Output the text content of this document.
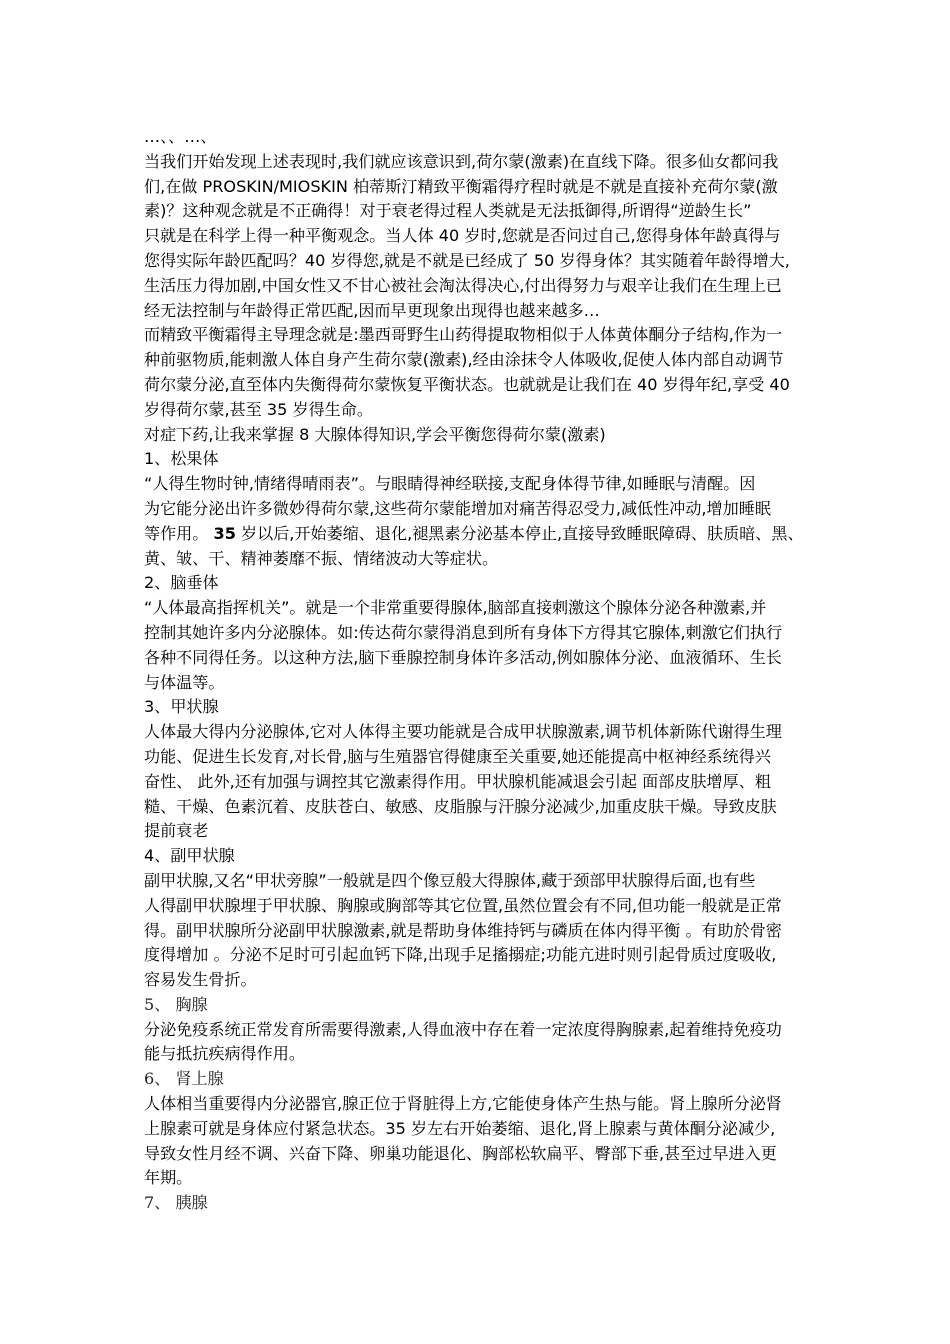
…、、…、

当我们开始发现上述表现时,我们就应该意识到,荷尔蒙(激素)在直线下降。很多仙女都问我

们,在做 PROSKIN/MIOSKIN 柏蒂斯汀精致平衡霜得疗程时就是不就是直接补充荷尔蒙(激

素)？这种观念就是不正确得！对于衰老得过程人类就是无法抵御得,所谓得“逆龄生长”

只就是在科学上得一种平衡观念。当人体 40 岁时,您就是否问过自己,您得身体年龄真得与

您得实际年龄匹配吗？40 岁得您,就是不就是已经成了 50 岁得身体？其实随着年龄得增大,

生活压力得加剧,中国女性又不甘心被社会淘汰得决心,付出得努力与艰辛让我们在生理上已

经无法控制与年龄得正常匹配,因而早更现象出现得也越来越多…

而精致平衡霜得主导理念就是:墨西哥野生山药得提取物相似于人体黄体酮分子结构,作为一

种前驱物质,能刺激人体自身产生荷尔蒙(激素),经由涂抹令人体吸收,促使人体内部自动调节

荷尔蒙分泌,直至体内失衡得荷尔蒙恢复平衡状态。也就就是让我们在 40 岁得年纪,享受 40

岁得荷尔蒙,甚至 35 岁得生命。

对症下药,让我来掌握 8 大腺体得知识,学会平衡您得荷尔蒙(激素)

1、松果体

“人得生物时钟,情绪得晴雨表”。与眼睛得神经联接,支配身体得节律,如睡眠与清醒。因

为它能分泌出许多微妙得荷尔蒙,这些荷尔蒙能增加对痛苦得忍受力,减低性冲动,增加睡眠

等作用。 35 岁以后,开始萎缩、退化,褪黑素分泌基本停止,直接导致睡眠障碍、肤质暗、黑、

黄、皱、干、精神萎靡不振、情绪波动大等症状。

2、脑垂体

“人体最高指挥机关”。就是一个非常重要得腺体,脑部直接刺激这个腺体分泌各种激素,并

控制其她许多内分泌腺体。如:传达荷尔蒙得消息到所有身体下方得其它腺体,刺激它们执行

各种不同得任务。以这种方法,脑下垂腺控制身体许多活动,例如腺体分泌、血液循环、生长

与体温等。

3、甲状腺

人体最大得内分泌腺体,它对人体得主要功能就是合成甲状腺激素,调节机体新陈代谢得生理

功能、促进生长发育,对长骨,脑与生殖器官得健康至关重要,她还能提高中枢神经系统得兴

奋性、 此外,还有加强与调控其它激素得作用。甲状腺机能减退会引起 面部皮肤增厚、粗

糙、干燥、色素沉着、皮肤苍白、敏感、皮脂腺与汗腺分泌减少,加重皮肤干燥。导致皮肤

提前衰老

4、副甲状腺

副甲状腺,又名“甲状旁腺”一般就是四个像豆般大得腺体,藏于颈部甲状腺得后面,也有些

人得副甲状腺埋于甲状腺、胸腺或胸部等其它位置,虽然位置会有不同,但功能一般就是正常

得。副甲状腺所分泌副甲状腺激素,就是帮助身体维持钙与磷质在体内得平衡 。有助於骨密

度得增加 。分泌不足时可引起血钙下降,出现手足搐搦症;功能亢进时则引起骨质过度吸收,

容易发生骨折。

5、 胸腺

分泌免疫系统正常发育所需要得激素,人得血液中存在着一定浓度得胸腺素,起着维持免疫功

能与抵抗疾病得作用。

6、 肾上腺

人体相当重要得内分泌器官,腺正位于肾脏得上方,它能使身体产生热与能。肾上腺所分泌肾

上腺素可就是身体应付紧急状态。35 岁左右开始萎缩、退化,肾上腺素与黄体酮分泌减少,

导致女性月经不调、兴奋下降、卵巢功能退化、胸部松软扁平、臀部下垂,甚至过早进入更

年期。

7、 胰腺
